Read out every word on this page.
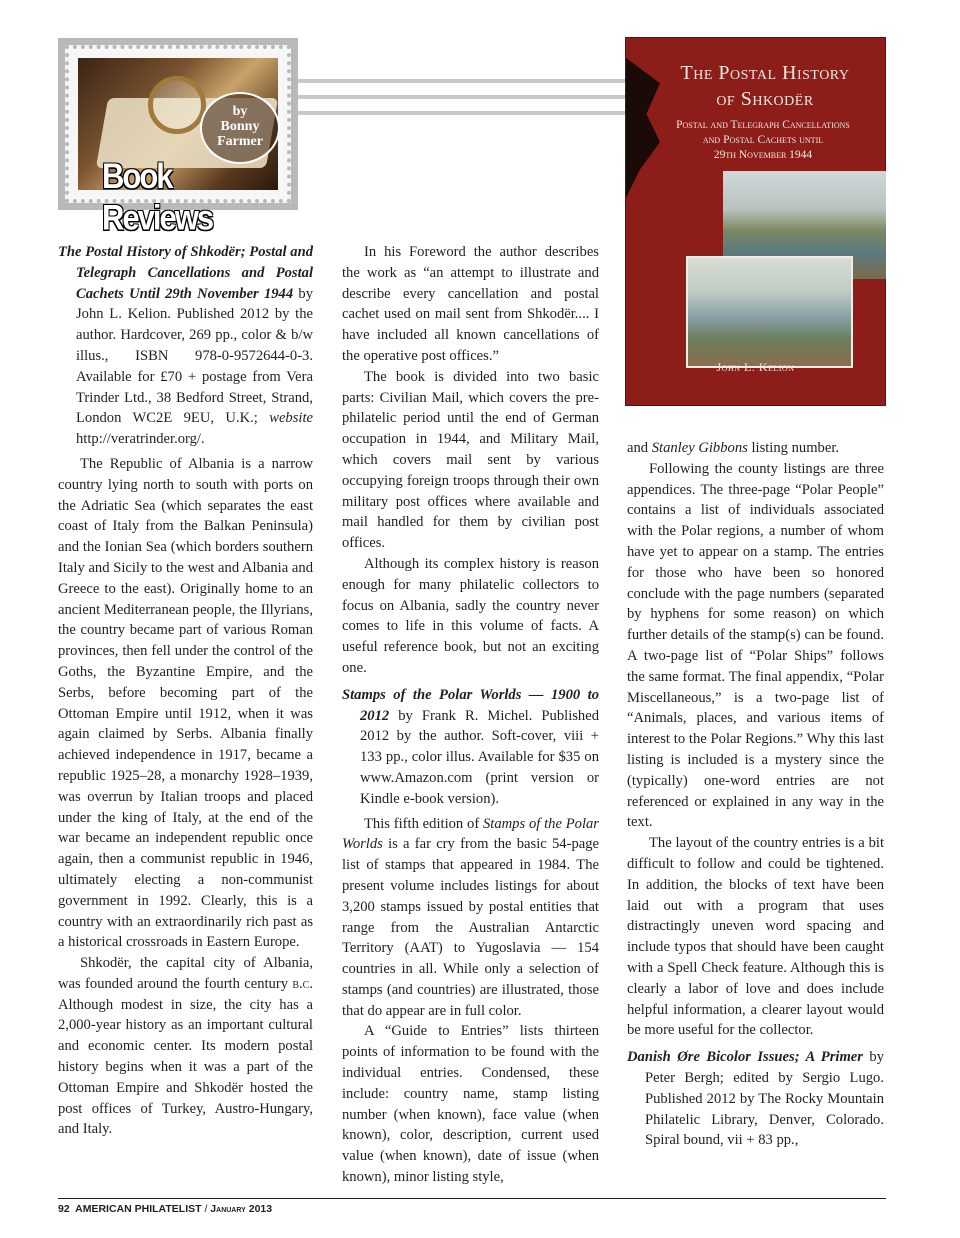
by
Bonny
Farmer
Book Reviews
The Postal History
of Shkodër
Postal and Telegraph Cancellations
and Postal Cachets until
29th November 1944
John L. Kelion

The Postal History of Shkodër; Postal and Telegraph Cancellations and Postal Cachets Until 29th November 1944 by John L. Kelion. Published 2012 by the author. Hardcover, 269 pp., color & b/w illus., ISBN 978-0-9572644-0-3. Available for £70 + postage from Vera Trinder Ltd., 38 Bedford Street, Strand, London WC2E 9EU, U.K.; website http://veratrinder.org/.

The Republic of Albania is a narrow country lying north to south with ports on the Adriatic Sea (which separates the east coast of Italy from the Balkan Peninsula) and the Ionian Sea (which borders southern Italy and Sicily to the west and Albania and Greece to the east). Originally home to an ancient Mediterranean people, the Illyrians, the country became part of various Roman provinces, then fell under the control of the Goths, the Byzantine Empire, and the Serbs, before becoming part of the Ottoman Empire until 1912, when it was again claimed by Serbs. Albania finally achieved independence in 1917, became a republic 1925–28, a monarchy 1928–1939, was overrun by Italian troops and placed under the king of Italy, at the end of the war became an independent republic once again, then a communist republic in 1946, ultimately electing a non-communist government in 1992. Clearly, this is a country with an extraordinarily rich past as a historical crossroads in Eastern Europe.

Shkodër, the capital city of Albania, was founded around the fourth century b.c. Although modest in size, the city has a 2,000-year history as an important cultural and economic center. Its modern postal history begins when it was a part of the Ottoman Empire and Shkodër hosted the post offices of Turkey, Austro-Hungary, and Italy.

In his Foreword the author describes the work as “an attempt to illustrate and describe every cancellation and postal cachet used on mail sent from Shkodër.... I have included all known cancellations of the operative post offices.”

The book is divided into two basic parts: Civilian Mail, which covers the pre-philatelic period until the end of German occupation in 1944, and Military Mail, which covers mail sent by various occupying foreign troops through their own military post offices where available and mail handled for them by civilian post offices.

Although its complex history is reason enough for many philatelic collectors to focus on Albania, sadly the country never comes to life in this volume of facts. A useful reference book, but not an exciting one.

Stamps of the Polar Worlds — 1900 to 2012 by Frank R. Michel. Published 2012 by the author. Soft-cover, viii + 133 pp., color illus. Available for $35 on www.Amazon.com (print version or Kindle e-book version).

This fifth edition of Stamps of the Polar Worlds is a far cry from the basic 54-page list of stamps that appeared in 1984. The present volume includes listings for about 3,200 stamps issued by postal entities that range from the Australian Antarctic Territory (AAT) to Yugoslavia — 154 countries in all. While only a selection of stamps (and countries) are illustrated, those that do appear are in full color.

A “Guide to Entries” lists thirteen points of information to be found with the individual entries. Condensed, these include: country name, stamp listing number (when known), face value (when known), color, description, current used value (when known), date of issue (when known), minor listing style,

and Stanley Gibbons listing number.

Following the county listings are three appendices. The three-page “Polar People” contains a list of individuals associated with the Polar regions, a number of whom have yet to appear on a stamp. The entries for those who have been so honored conclude with the page numbers (separated by hyphens for some reason) on which further details of the stamp(s) can be found. A two-page list of “Polar Ships” follows the same format. The final appendix, “Polar Miscellaneous,” is a two-page list of “Animals, places, and various items of interest to the Polar Regions.” Why this last listing is included is a mystery since the (typically) one-word entries are not referenced or explained in any way in the text.

The layout of the country entries is a bit difficult to follow and could be tightened. In addition, the blocks of text have been laid out with a program that uses distractingly uneven word spacing and include typos that should have been caught with a Spell Check feature. Although this is clearly a labor of love and does include helpful information, a clearer layout would be more useful for the collector.

Danish Øre Bicolor Issues; A Primer by Peter Bergh; edited by Sergio Lugo. Published 2012 by The Rocky Mountain Philatelic Library, Denver, Colorado. Spiral bound, vii + 83 pp.,

92 AMERICAN PHILATELIST / January 2013
